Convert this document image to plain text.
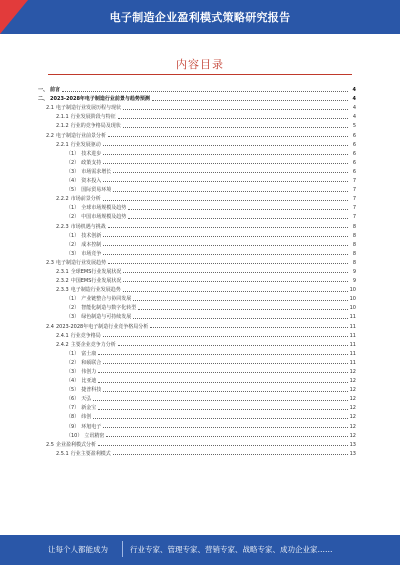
电子制造企业盈利模式策略研究报告
内容目录
一、 前言	4
二、 2023-2028年电子制造行业前景与趋势预测	4
2.1 电子制造行业发展历程与现状	4
2.1.1 行业发展阶段与特征	4
2.1.2 行业的竞争格局及现状	5
2.2 电子制造行业前景分析	6
2.2.1 行业发展驱动	6
（1） 技术进步	6
（2） 政策支持	6
（3） 市场需求增长	6
（4） 资本投入	7
（5） 国际贸易环境	7
2.2.2 市场前景分析	7
（1） 全球市场规模及趋势	7
（2） 中国市场规模及趋势	7
2.2.3 市场机遇与挑战	8
（1） 技术创新	8
（2） 成本控制	8
（3） 市场竞争	8
2.3 电子制造行业发展趋势	8
2.3.1 全球EMS行业发展状况	9
2.3.2 中国EMS行业发展状况	9
2.3.3 电子制造行业发展趋势	10
（1） 产业链整合与协同发展	10
（2） 智能化制造与数字化转型	10
（3） 绿色制造与可持续发展	11
2.4 2023-2028年电子制造行业竞争格局分析	11
2.4.1 行业竞争格局	11
2.4.2 主要企业竞争力分析	11
（1） 富士康	11
（2） 和硕联合	11
（3） 伟创力	12
（4） 比亚迪	12
（5） 捷普科技	12
（6） 天弘	12
（7） 新金宝	12
（8） 纬创	12
（9） 环旭电子	12
（10） 立讯精密	12
2.5 企业盈利模式分析	13
2.5.1 行业主要盈利模式	13
让每个人都能成为	行业专家、管理专家、营销专家、战略专家、成功企业家……
